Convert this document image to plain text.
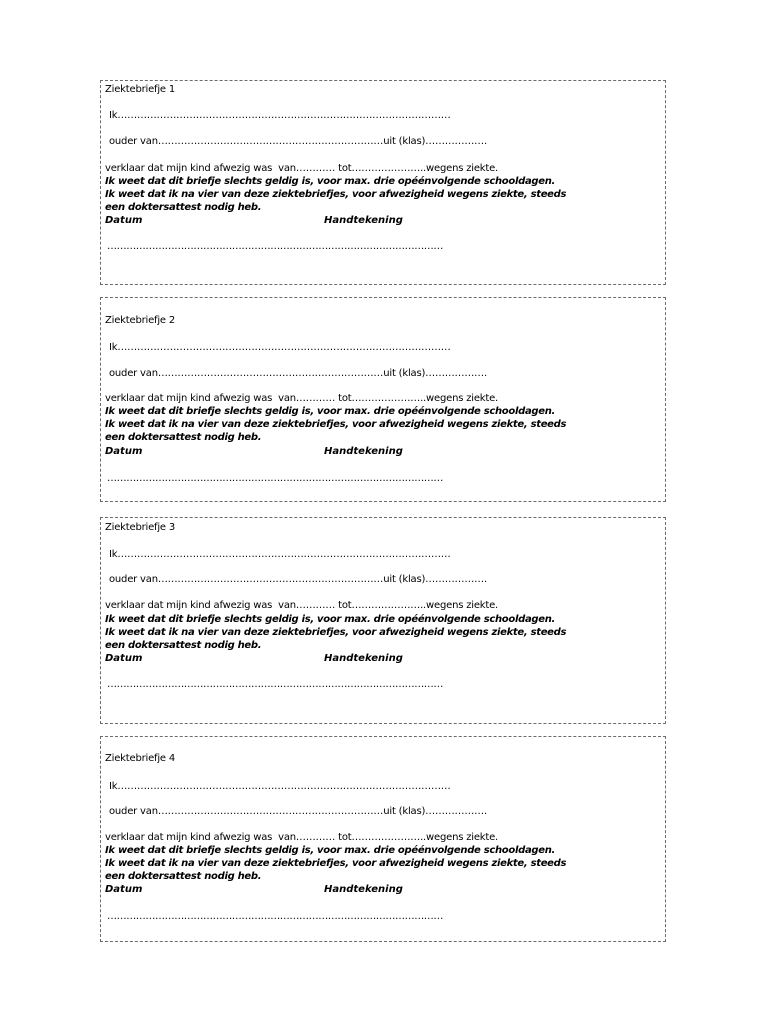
Ziektebriefje 1
Ik…………………………………………………………………………………………
ouder van……………………………………………………………uit (klas)……………….
verklaar dat mijn kind afwezig was  van………… tot…………………..wegens ziekte.
Ik weet dat dit briefje slechts geldig is, voor max. drie opéénvolgende schooldagen.
Ik weet dat ik na vier van deze ziektebriefjes, voor afwezigheid wegens ziekte, steeds
een doktersattest nodig heb.
Datum	Handtekening
……………………………………………………………………………………………
Ziektebriefje 2
Ik…………………………………………………………………………………………
ouder van……………………………………………………………uit (klas)……………….
verklaar dat mijn kind afwezig was  van………… tot…………………..wegens ziekte.
Ik weet dat dit briefje slechts geldig is, voor max. drie opéénvolgende schooldagen.
Ik weet dat ik na vier van deze ziektebriefjes, voor afwezigheid wegens ziekte, steeds
een doktersattest nodig heb.
Datum	Handtekening
……………………………………………………………………………………………
Ziektebriefje 3
Ik…………………………………………………………………………………………
ouder van……………………………………………………………uit (klas)……………….
verklaar dat mijn kind afwezig was  van………… tot…………………..wegens ziekte.
Ik weet dat dit briefje slechts geldig is, voor max. drie opéénvolgende schooldagen.
Ik weet dat ik na vier van deze ziektebriefjes, voor afwezigheid wegens ziekte, steeds
een doktersattest nodig heb.
Datum	Handtekening
……………………………………………………………………………………………
Ziektebriefje 4
Ik…………………………………………………………………………………………
ouder van……………………………………………………………uit (klas)……………….
verklaar dat mijn kind afwezig was  van………… tot…………………..wegens ziekte.
Ik weet dat dit briefje slechts geldig is, voor max. drie opéénvolgende schooldagen.
Ik weet dat ik na vier van deze ziektebriefjes, voor afwezigheid wegens ziekte, steeds
een doktersattest nodig heb.
Datum	Handtekening
……………………………………………………………………………………………
